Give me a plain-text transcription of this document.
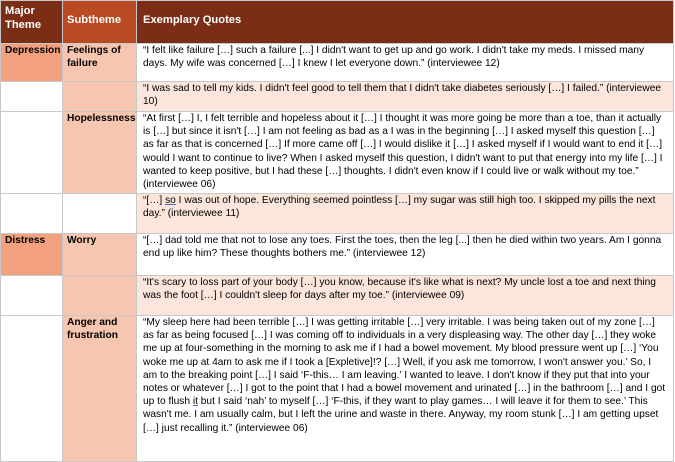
Major Theme	Subtheme	Exemplary Quotes

Depression	Feelings of failure	“I felt like failure […] such a failure [...] I didn't want to get up and go work. I didn't take my meds. I missed many days. My wife was concerned […] I knew I let everyone down.” (interviewee 12)

		“I was sad to tell my kids. I didn't feel good to tell them that I didn't take diabetes seriously […] I failed.” (interviewee 10)

	Hopelessness	“At first […] I, I felt terrible and hopeless about it […] I thought it was more going be more than a toe, than it actually is […] but since it isn't […] I am not feeling as bad as a I was in the beginning […] I asked myself this question […] as far as that is concerned […] If more came off […] I would dislike it […] I asked myself if I would want to end it […] would I want to continue to live? When I asked myself this question, I didn't want to put that energy into my life […] I wanted to keep positive, but I had these […] thoughts. I didn't even know if I could live or walk without my toe.” (interviewee 06)

		“[…] so I was out of hope. Everything seemed pointless […] my sugar was still high too. I skipped my pills the next day.” (interviewee 11)

Distress	Worry	“[…] dad told me that not to lose any toes. First the toes, then the leg [...] then he died within two years. Am I gonna end up like him? These thoughts bothers me.” (interviewee 12)

		“It's scary to loss part of your body […] you know, because it's like what is next? My uncle lost a toe and next thing was the foot […] I couldn't sleep for days after my toe.” (interviewee 09)

	Anger and frustration	“My sleep here had been terrible […] I was getting irritable […] very irritable. I was being taken out of my zone […] as far as being focused […] I was coming off to individuals in a very displeasing way. The other day […] they woke me up at four-something in the morning to ask me if I had a bowel movement. My blood pressure went up […] ‘You woke me up at 4am to ask me if I took a [Expletive]!? […] Well, if you ask me tomorrow, I won't answer you.’ So, I am to the breaking point […] I said ‘F-this… I am leaving.’ I wanted to leave. I don't know if they put that into your notes or whatever […] I got to the point that I had a bowel movement and urinated […] in the bathroom […] and I got up to flush it but I said ‘nah’ to myself […] ‘F-this, if they want to play games… I will leave it for them to see.’ This wasn't me. I am usually calm, but I left the urine and waste in there. Anyway, my room stunk […] I am getting upset […] just recalling it.” (interviewee 06)
